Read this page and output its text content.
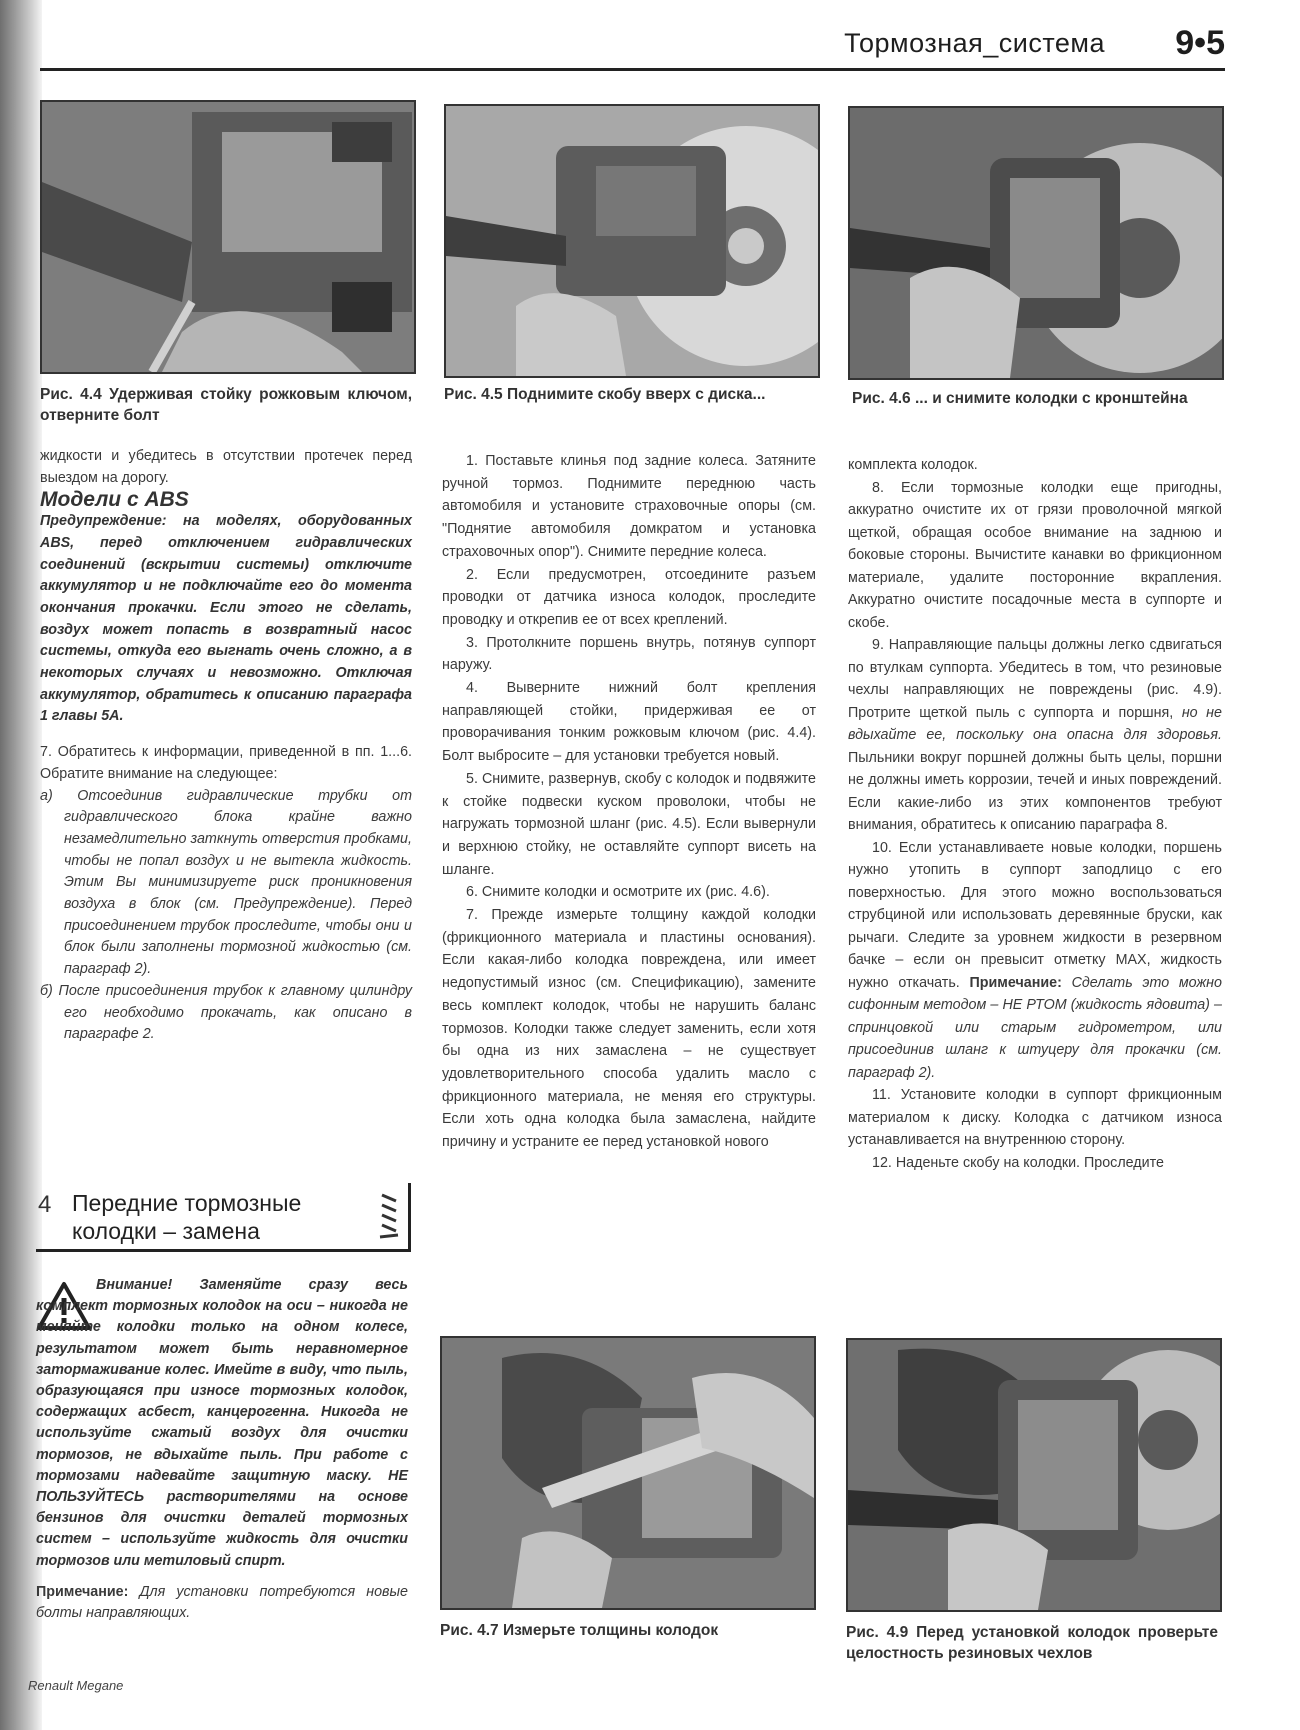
Тормозная_система 9•5
Рис. 4.4 Удерживая стойку рожковым ключом, отверните болт
Рис. 4.5 Поднимите скобу вверх с диска...	Рис. 4.6 ... и снимите колодки с кронштейна

жидкости и убедитесь в отсутствии протечек перед выездом на дорогу.

Модели с ABS

Предупреждение: на моделях, оборудованных ABS, перед отключением гидравлических соединений (вскрытии системы) отключите аккумулятор и не подключайте его до момента окончания прокачки. Если этого не сделать, воздух может попасть в возвратный насос системы, откуда его выгнать очень сложно, а в некоторых случаях и невозможно. Отключая аккумулятор, обратитесь к описанию параграфа 1 главы 5А.

7. Обратитесь к информации, приведенной в пп. 1...6. Обратите внимание на следующее:

а) Отсоединив гидравлические трубки от гидравлического блока крайне важно незамедлительно заткнуть отверстия пробками, чтобы не попал воздух и не вытекла жидкость. Этим Вы минимизируете риск проникновения воздуха в блок (см. Предупреждение). Перед присоединением трубок проследите, чтобы они и блок были заполнены тормозной жидкостью (см. параграф 2).

б) После присоединения трубок к главному цилиндру его необходимо прокачать, как описано в параграфе 2.

4 Передние тормозные колодки – замена

Внимание! Заменяйте сразу весь комплект тормозных колодок на оси – никогда не меняйте колодки только на одном колесе, результатом может быть неравномерное затормаживание колес. Имейте в виду, что пыль, образующаяся при износе тормозных колодок, содержащих асбест, канцерогенна. Никогда не используйте сжатый воздух для очистки тормозов, не вдыхайте пыль. При работе с тормозами надевайте защитную маску. НЕ ПОЛЬЗУЙТЕСЬ растворителями на основе бензинов для очистки деталей тормозных систем – используйте жидкость для очистки тормозов или метиловый спирт.

Примечание: Для установки потребуются новые болты направляющих.

1. Поставьте клинья под задние колеса. Затяните ручной тормоз. Поднимите переднюю часть автомобиля и установите страховочные опоры (см. "Поднятие автомобиля домкратом и установка страховочных опор"). Снимите передние колеса.

2. Если предусмотрен, отсоедините разъем проводки от датчика износа колодок, проследите проводку и открепив ее от всех креплений.

3. Протолкните поршень внутрь, потянув суппорт наружу.

4. Выверните нижний болт крепления направляющей стойки, придерживая ее от проворачивания тонким рожковым ключом (рис. 4.4). Болт выбросите – для установки требуется новый.

5. Снимите, развернув, скобу с колодок и подвяжите к стойке подвески куском проволоки, чтобы не нагружать тормозной шланг (рис. 4.5). Если вывернули и верхнюю стойку, не оставляйте суппорт висеть на шланге.

6. Снимите колодки и осмотрите их (рис. 4.6).

7. Прежде измерьте толщину каждой колодки (фрикционного материала и пластины основания). Если какая-либо колодка повреждена, или имеет недопустимый износ (см. Спецификацию), замените весь комплект колодок, чтобы не нарушить баланс тормозов. Колодки также следует заменить, если хотя бы одна из них замаслена – не существует удовлетворительного способа удалить масло с фрикционного материала, не меняя его структуры. Если хоть одна колодка была замаслена, найдите причину и устраните ее перед установкой нового

комплекта колодок.

8. Если тормозные колодки еще пригодны, аккуратно очистите их от грязи проволочной мягкой щеткой, обращая особое внимание на заднюю и боковые стороны. Вычистите канавки во фрикционном материале, удалите посторонние вкрапления. Аккуратно очистите посадочные места в суппорте и скобе.

9. Направляющие пальцы должны легко сдвигаться по втулкам суппорта. Убедитесь в том, что резиновые чехлы направляющих не повреждены (рис. 4.9). Протрите щеткой пыль с суппорта и поршня, но не вдыхайте ее, поскольку она опасна для здоровья. Пыльники вокруг поршней должны быть целы, поршни не должны иметь коррозии, течей и иных повреждений. Если какие-либо из этих компонентов требуют внимания, обратитесь к описанию параграфа 8.

10. Если устанавливаете новые колодки, поршень нужно утопить в суппорт заподлицо с его поверхностью. Для этого можно воспользоваться струбциной или использовать деревянные бруски, как рычаги. Следите за уровнем жидкости в резервном бачке – если он превысит отметку MAX, жидкость нужно откачать. Примечание: Сделать это можно сифонным методом – НЕ РТОМ (жидкость ядовита) – спринцовкой или старым гидрометром, или присоединив шланг к штуцеру для прокачки (см. параграф 2).

11. Установите колодки в суппорт фрикционным материалом к диску. Колодка с датчиком износа устанавливается на внутреннюю сторону.

12. Наденьте скобу на колодки. Проследите

Рис. 4.7 Измерьте толщины колодок	Рис. 4.9 Перед установкой колодок проверьте целостность резиновых чехлов
Renault Megane
